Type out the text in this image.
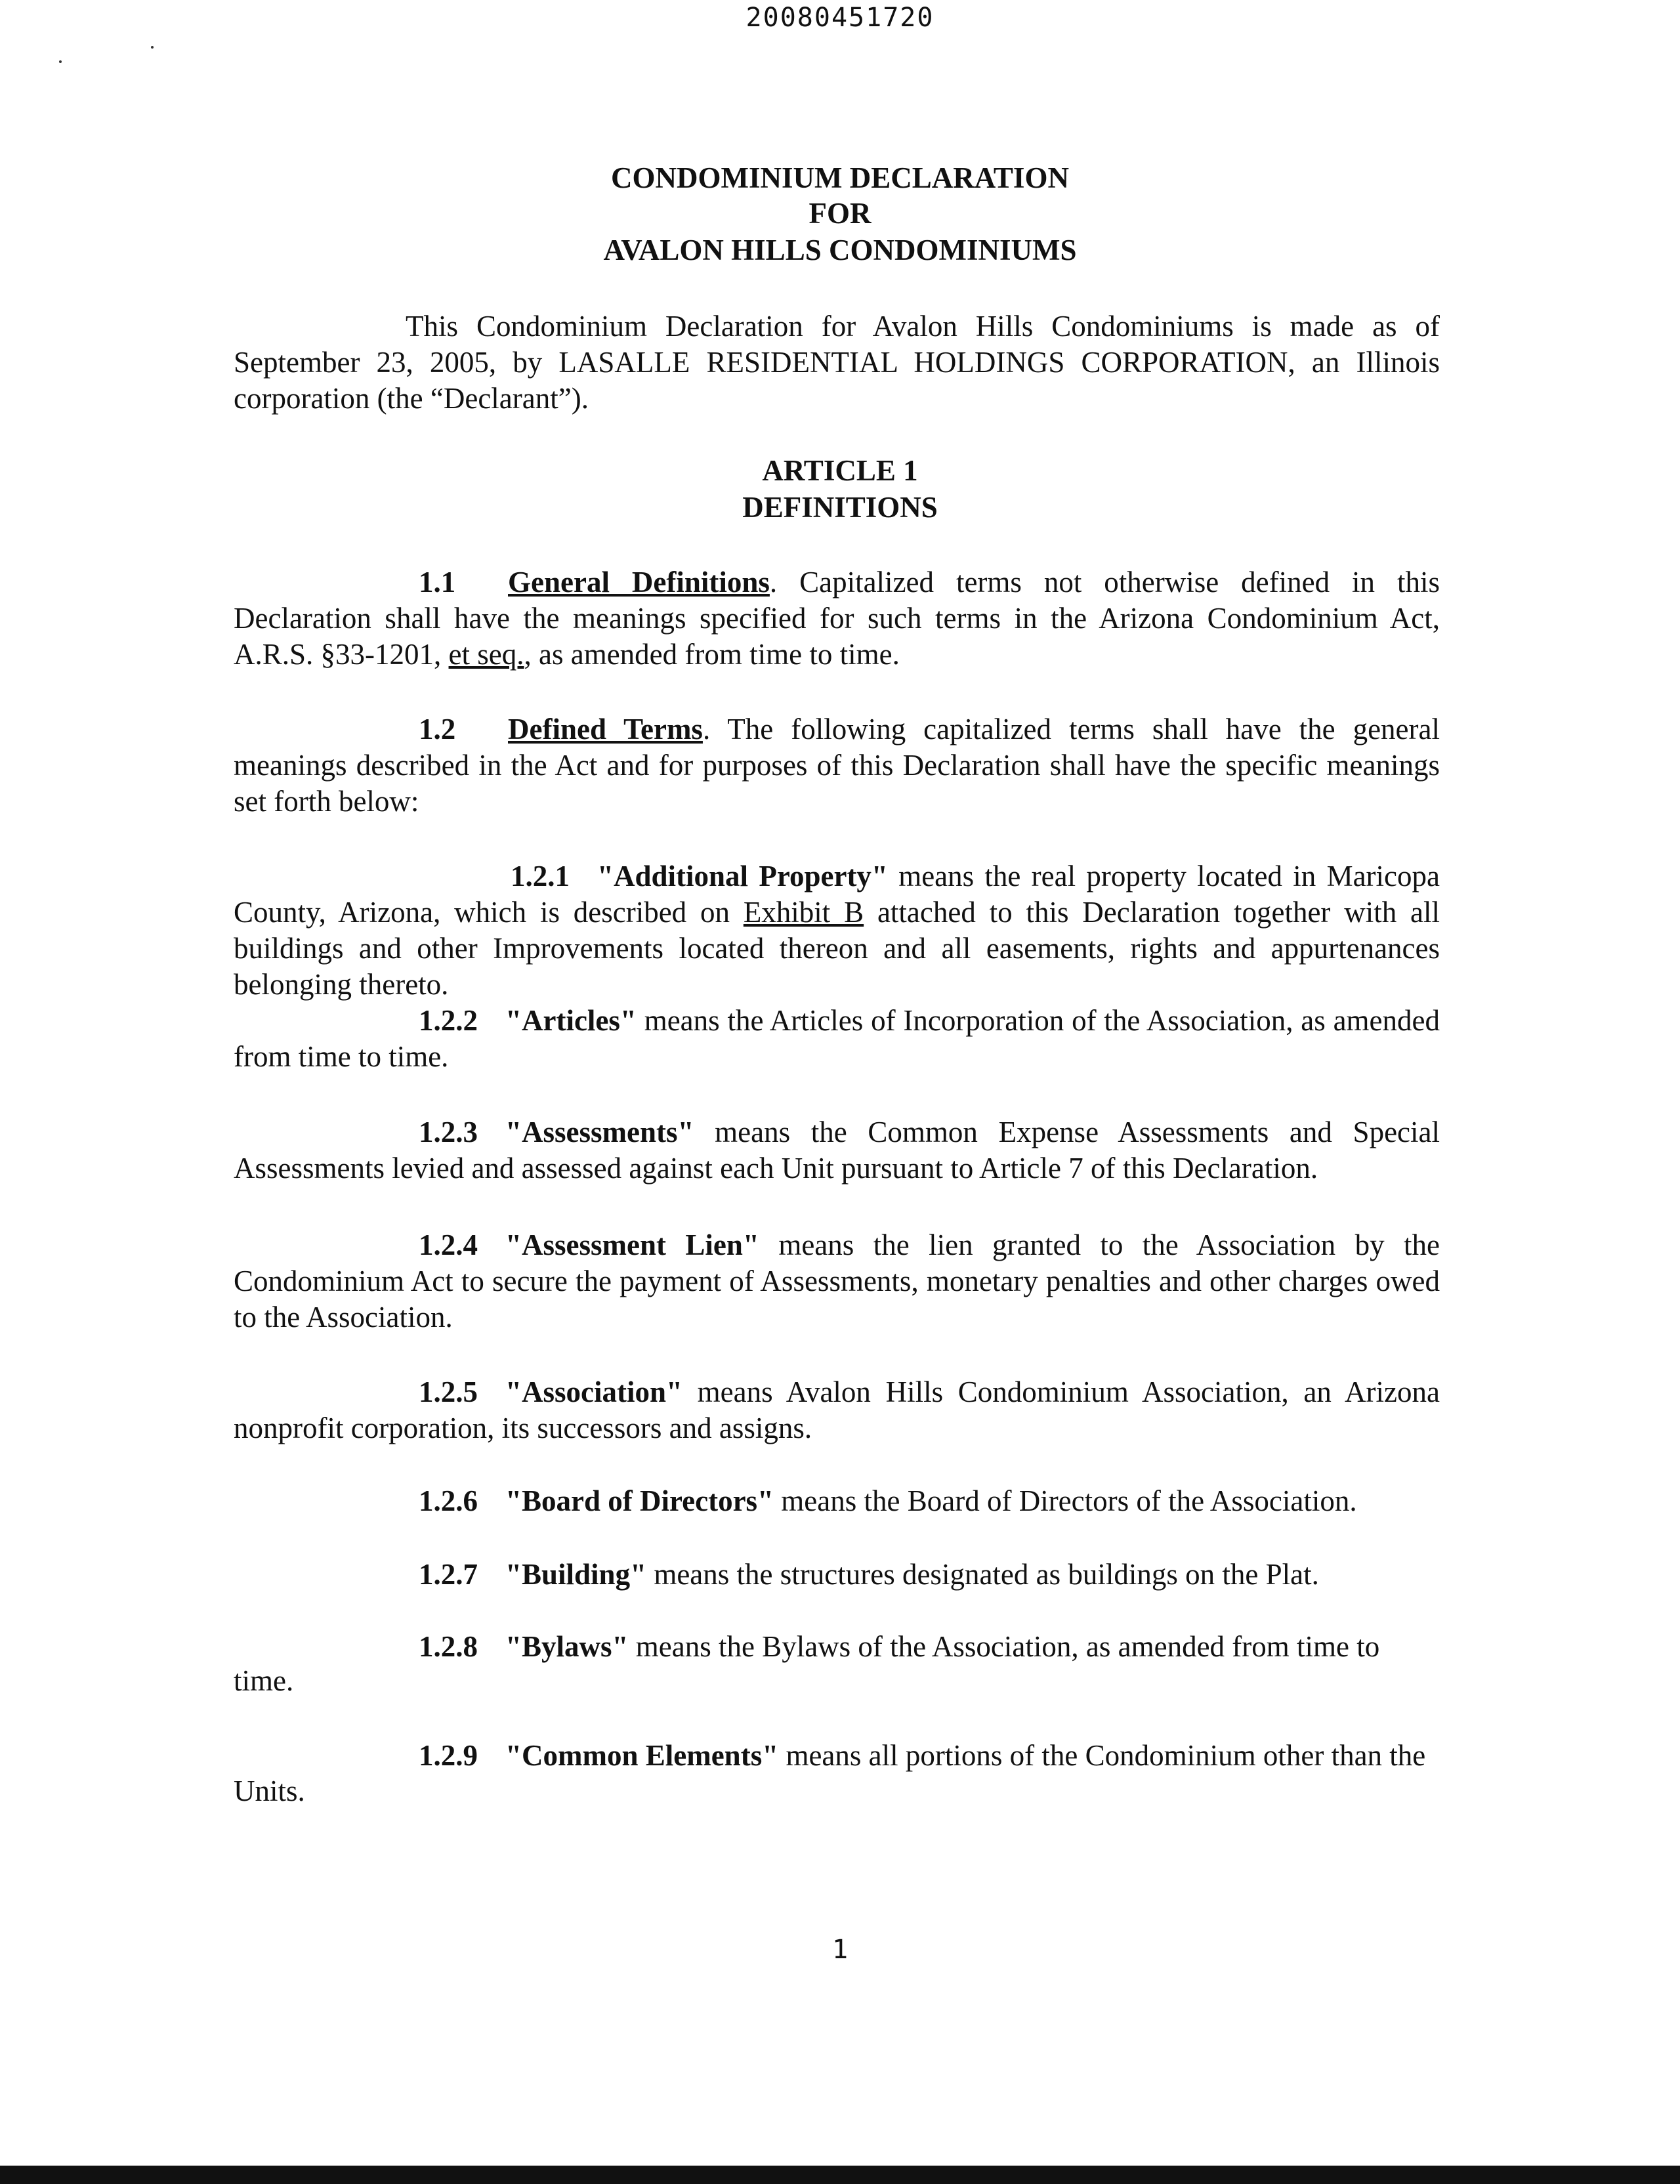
20080451720
CONDOMINIUM DECLARATION
FOR
AVALON HILLS CONDOMINIUMS
This Condominium Declaration for Avalon Hills Condominiums is made as of September 23, 2005, by LASALLE RESIDENTIAL HOLDINGS CORPORATION, an Illinois corporation (the “Declarant”).
ARTICLE 1
DEFINITIONS
1.1 General Definitions. Capitalized terms not otherwise defined in this Declaration shall have the meanings specified for such terms in the Arizona Condominium Act, A.R.S. §33-1201, et seq., as amended from time to time.
1.2 Defined Terms. The following capitalized terms shall have the general meanings described in the Act and for purposes of this Declaration shall have the specific meanings set forth below:
1.2.1 "Additional Property" means the real property located in Maricopa County, Arizona, which is described on Exhibit B attached to this Declaration together with all buildings and other Improvements located thereon and all easements, rights and appurtenances belonging thereto.
1.2.2 "Articles" means the Articles of Incorporation of the Association, as amended from time to time.
1.2.3 "Assessments" means the Common Expense Assessments and Special Assessments levied and assessed against each Unit pursuant to Article 7 of this Declaration.
1.2.4 "Assessment Lien" means the lien granted to the Association by the Condominium Act to secure the payment of Assessments, monetary penalties and other charges owed to the Association.
1.2.5 "Association" means Avalon Hills Condominium Association, an Arizona nonprofit corporation, its successors and assigns.
1.2.6 "Board of Directors" means the Board of Directors of the Association.
1.2.7 "Building" means the structures designated as buildings on the Plat.
1.2.8 "Bylaws" means the Bylaws of the Association, as amended from time to
time.
1.2.9 "Common Elements" means all portions of the Condominium other than the
Units.
1
